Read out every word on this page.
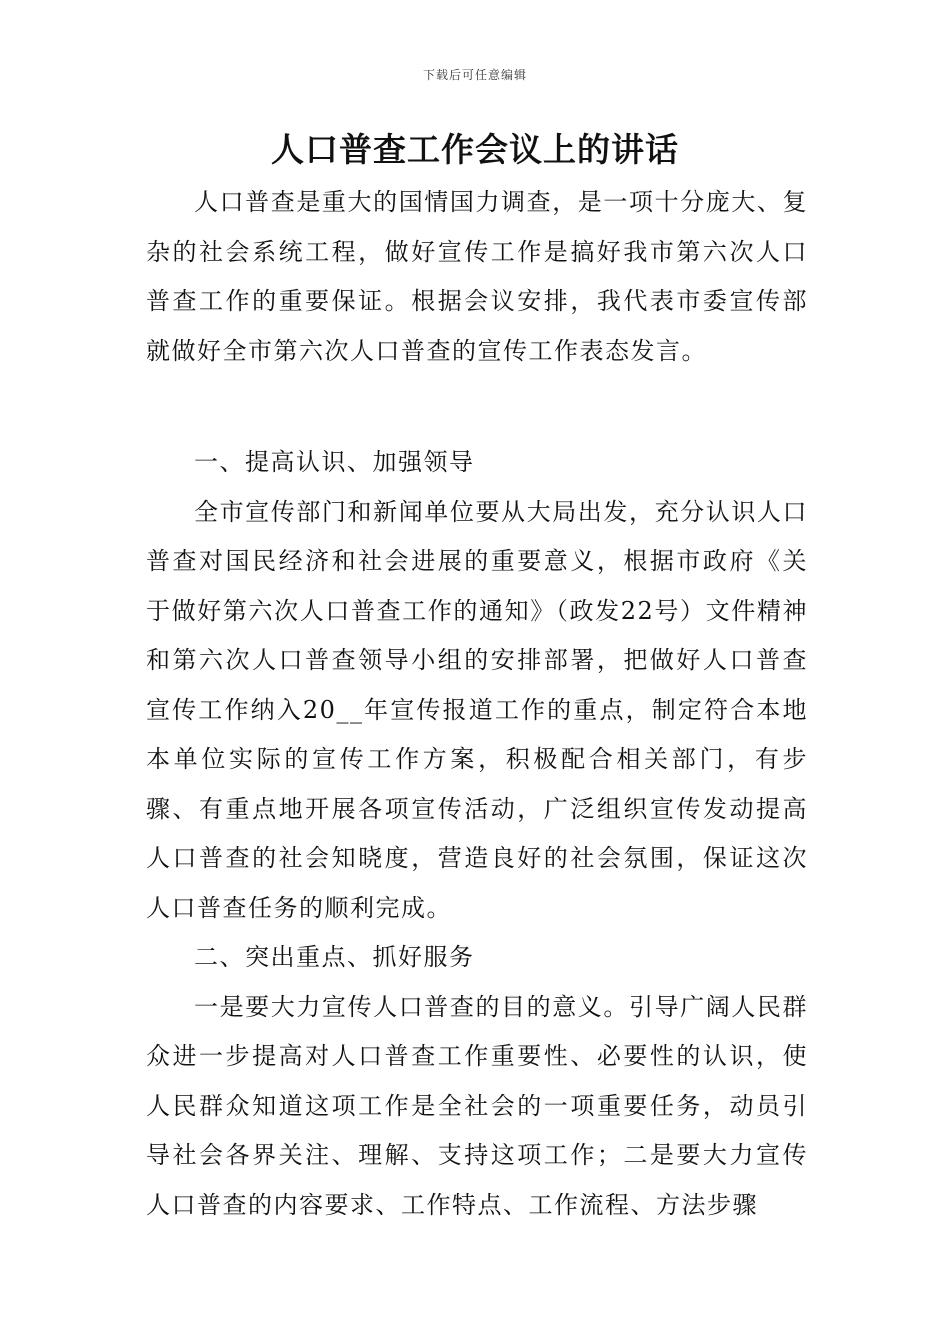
下载后可任意编辑
人口普查工作会议上的讲话

人口普查是重大的国情国力调查，是一项十分庞大、复杂的社会系统工程，做好宣传工作是搞好我市第六次人口普查工作的重要保证。根据会议安排，我代表市委宣传部就做好全市第六次人口普查的宣传工作表态发言。

一、提高认识、加强领导

全市宣传部门和新闻单位要从大局出发，充分认识人口普查对国民经济和社会进展的重要意义，根据市政府《关于做好第六次人口普查工作的通知》（政发22号）文件精神和第六次人口普查领导小组的安排部署，把做好人口普查宣传工作纳入20__年宣传报道工作的重点，制定符合本地本单位实际的宣传工作方案，积极配合相关部门，有步骤、有重点地开展各项宣传活动，广泛组织宣传发动提高人口普查的社会知晓度，营造良好的社会氛围，保证这次人口普查任务的顺利完成。

二、突出重点、抓好服务

一是要大力宣传人口普查的目的意义。引导广阔人民群众进一步提高对人口普查工作重要性、必要性的认识，使人民群众知道这项工作是全社会的一项重要任务，动员引导社会各界关注、理解、支持这项工作；二是要大力宣传人口普查的内容要求、工作特点、工作流程、方法步骤
